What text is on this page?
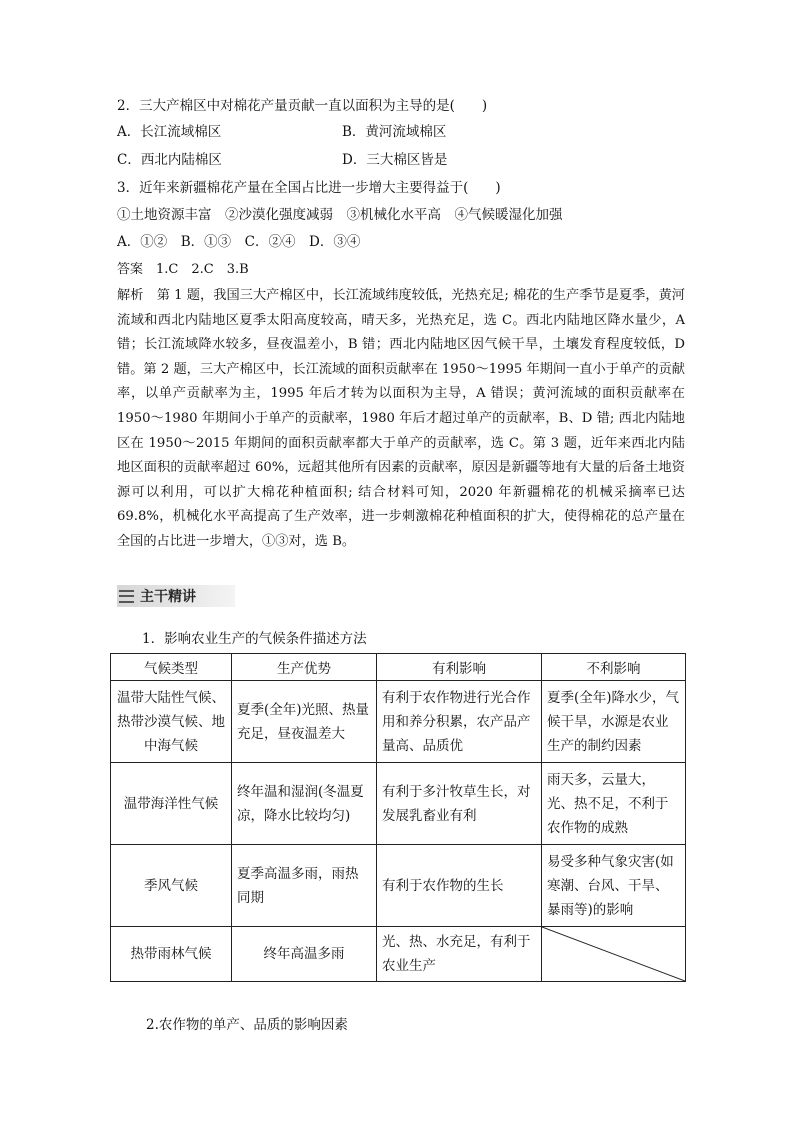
2．三大产棉区中对棉花产量贡献一直以面积为主导的是(　　)
A．长江流域棉区	B．黄河流域棉区
C．西北内陆棉区	D．三大棉区皆是
3．近年来新疆棉花产量在全国占比进一步增大主要得益于(　　)
①土地资源丰富　②沙漠化强度减弱　③机械化水平高　④气候暖湿化加强
A．①②　B．①③　C．②④　D．③④
答案　1.C　2.C　3.B
解析　第 1 题，我国三大产棉区中，长江流域纬度较低，光热充足; 棉花的生产季节是夏季，黄河流域和西北内陆地区夏季太阳高度较高，晴天多，光热充足，选 C。西北内陆地区降水量少，A 错；长江流域降水较多，昼夜温差小，B 错；西北内陆地区因气候干旱，土壤发育程度较低，D 错。第 2 题，三大产棉区中，长江流域的面积贡献率在 1950～1995 年期间一直小于单产的贡献率，以单产贡献率为主，1995 年后才转为以面积为主导，A 错误；黄河流域的面积贡献率在 1950～1980 年期间小于单产的贡献率，1980 年后才超过单产的贡献率，B、D 错; 西北内陆地区在 1950～2015 年期间的面积贡献率都大于单产的贡献率，选 C。第 3 题，近年来西北内陆地区面积的贡献率超过 60%，远超其他所有因素的贡献率，原因是新疆等地有大量的后备土地资源可以利用，可以扩大棉花种植面积; 结合材料可知，2020 年新疆棉花的机械采摘率已达 69.8%，机械化水平高提高了生产效率，进一步刺激棉花种植面积的扩大，使得棉花的总产量在全国的占比进一步增大，①③对，选 B。
主干精讲
1．影响农业生产的气候条件描述方法
气候类型	生产优势	有利影响	不利影响
温带大陆性气候、热带沙漠气候、地中海气候	夏季(全年)光照、热量充足，昼夜温差大	有利于农作物进行光合作用和养分积累，农产品产量高、品质优	夏季(全年)降水少，气候干旱，水源是农业生产的制约因素
温带海洋性气候	终年温和湿润(冬温夏凉，降水比较均匀)	有利于多汁牧草生长，对发展乳畜业有利	雨天多，云量大，光、热不足，不利于农作物的成熟
季风气候	夏季高温多雨，雨热同期	有利于农作物的生长	易受多种气象灾害(如寒潮、台风、干旱、暴雨等)的影响
热带雨林气候	终年高温多雨	光、热、水充足，有利于农业生产	
2.农作物的单产、品质的影响因素
